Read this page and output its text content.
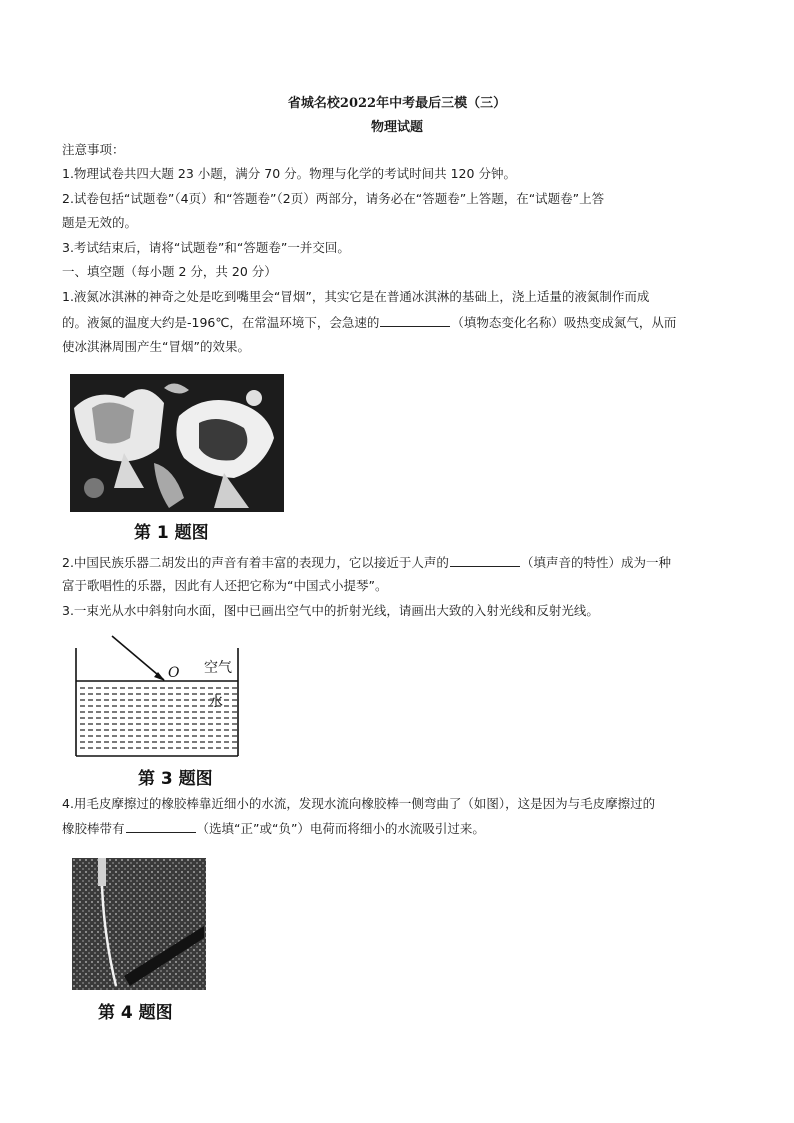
省城名校2022年中考最后三模（三）
物理试题
注意事项：
1.物理试卷共四大题 23 小题，满分 70 分。物理与化学的考试时间共 120 分钟。
2.试卷包括“试题卷”（4页）和“答题卷”（2页）两部分，请务必在“答题卷”上答题，在“试题卷”上答
题是无效的。
3.考试结束后，请将“试题卷”和“答题卷”一并交回。
一、填空题（每小题 2 分，共 20 分）
1.液氮冰淇淋的神奇之处是吃到嘴里会“冒烟”，其实它是在普通冰淇淋的基础上，浇上适量的液氮制作而成
的。液氮的温度大约是-196℃，在常温环境下，会急速的	（填物态变化名称）吸热变成氮气，从而
使冰淇淋周围产生“冒烟”的效果。
第 1 题图
2.中国民族乐器二胡发出的声音有着丰富的表现力，它以接近于人声的	（填声音的特性）成为一种
富于歌唱性的乐器，因此有人还把它称为“中国式小提琴”。
3.一束光从水中斜射向水面，图中已画出空气中的折射光线，请画出大致的入射光线和反射光线。
O 空气
水
第 3 题图
4.用毛皮摩擦过的橡胶棒靠近细小的水流，发现水流向橡胶棒一侧弯曲了（如图），这是因为与毛皮摩擦过的
橡胶棒带有	（选填“正”或“负”）电荷而将细小的水流吸引过来。
第 4 题图
